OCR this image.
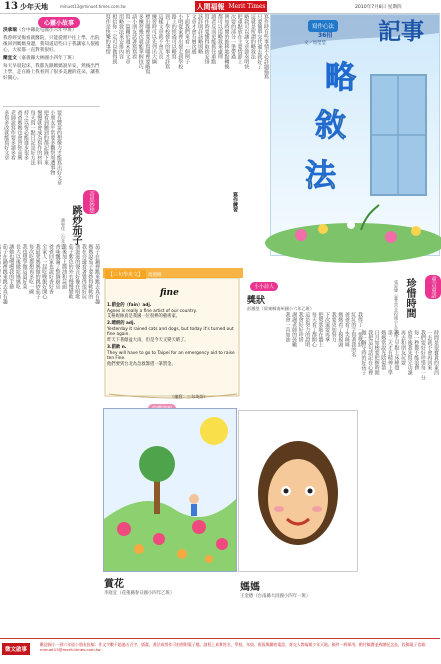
13 少年天地	minuet13@minuet.times.com.tw	人間福報 Merit Times	2010年7月8日 星期四
心靈小故事

洪承瑞（台中縣北屯國小六年甲班）

我曾經受傷看就醫院，只能從窗戶往上學，出院後回到媽媽身邊，我知道這些日子我讓家人很擔心，大家都一直對我很好。

簡宜文（嘉義縣大林國小四年丁班）

每天早晨起床，我都先跟媽媽說早安，然後出門上學，走在路上我看到了很多美麗的花朵，讓我好開心。

要有豐富的想像力才能寫出好文章
小朋友平常要多觀察周遭事物
把看到聽到的都記錄下來
慢慢就會成為寫作的材料
每天寫一點日記是好方法
持之以恆必能進步很多
爸爸媽媽也會替你高興
老師說寫作要多讀多看
多寫多改就能寫好文章
奇思妙想
跳炒茄子
潘聖佳（台北市）
茄子在鍋裡跳來跳去真有趣
媽媽說茄子要炒得軟軟的
我在旁邊看著覺得很好玩
油滋滋的聲音好像在唱歌
茄子紫色的外衣慢慢變軟
最後加上醬油和蒜頭
香味飄滿了整個廚房
爸爸回家也說好香好香
全家人一起吃晚飯好開心
我最愛媽媽做的跳炒茄子
每次吃都想再多吃一碗
我也想學做這道好菜
長大以後做給媽媽吃
讓她也嚐嚐我的手藝
茄子在鍋裡跳來跳去真有趣
寫作時有些事情不必詳細描寫
只要簡單交代過去就好了
這就是所謂的略敘法
略敘可以讓文章節奏明快
把重點放在主要情節上
次要的部分一筆帶過
例如時間的推移地點轉換
都可以用略敘來處理
讀者反而更能抓住重點
寫作時要懂得取捨安排
該詳則詳該略則略
文章才會有層次感
下面我們來看一個例子
小明從家裡出發走到學校
路上的經過可以略寫
到了學校發生的事才詳寫
這樣文章就不會冗長
練習時可以先列出大綱
標出哪裡要詳寫哪裡要略寫
多練習幾次就能掌握技巧
請小朋友試著寫寫看
寫一篇關於週末的文章
用略敘法來安排內容
相信你一定可以做得到
寫作是快樂的事情
寫作練習
寫作心法
36招
文／馬瑩瑩 記事
略
敘
法
【三句學英文】	馬德維
fine

1.罰金的（fain）adj.
Agnes is really a fine artist of our country.
艾格妮絲真是我國一位很棒的藝術家。

2.晴朗的 adj.
Yesterday it rained cats and dogs, but today it's turned out fine again.
昨天下著傾盆大雨，但是今天又變天晴了。

3.罰款 n.
They will have to go to Taipei for an emergency aid to raise ten Fine.
他們要到台北為急救籌措一筆罰金。

（編寫：三句英語）
小小詩人
獎狀
彭鳳瑩（屏東縣南州國小六年乙班）
我得了一張獎狀
紅紅的字寫著我的名
爸爸看了笑咪咪
媽媽看了摸摸頭
我要更加努力
下次還要再拿
把獎狀貼在牆上
每天看了都開心
這是努力的證明
我會好好珍惜
謝謝老師的鼓勵
我會一直加油
童言童語
珍惜時間
張思婕（臺北市北投國小五年級）
時間是很寶貴的東西
一去就不會再回來
我們要好好珍惜每一分
每一秒都不能浪費
放學後我先寫完功課
再去和朋友玩耍
晚上早點上床睡覺
第二天才有精神上學
媽媽常說光陰似箭
日月如梭要把握時間
我把這句話記在心裡
做一個守時的好孩子
賞花
李庭宜（花蓮縣春日國小四年乙班）
媽媽
王金德（台南縣大同國小四年一班）
徵文啟事
歡迎國小一到六年級小朋友投稿：作文字數不超過五百字，插畫、書法或勞作可拍照附電子檔，請寫上真實姓名、學校、年級、班級與聯絡電話，寄交人間福報少年天地。稿件一經採用，酌付稿費並致贈紀念品，投稿電子信箱：minuet13@merit-times.com.tw
